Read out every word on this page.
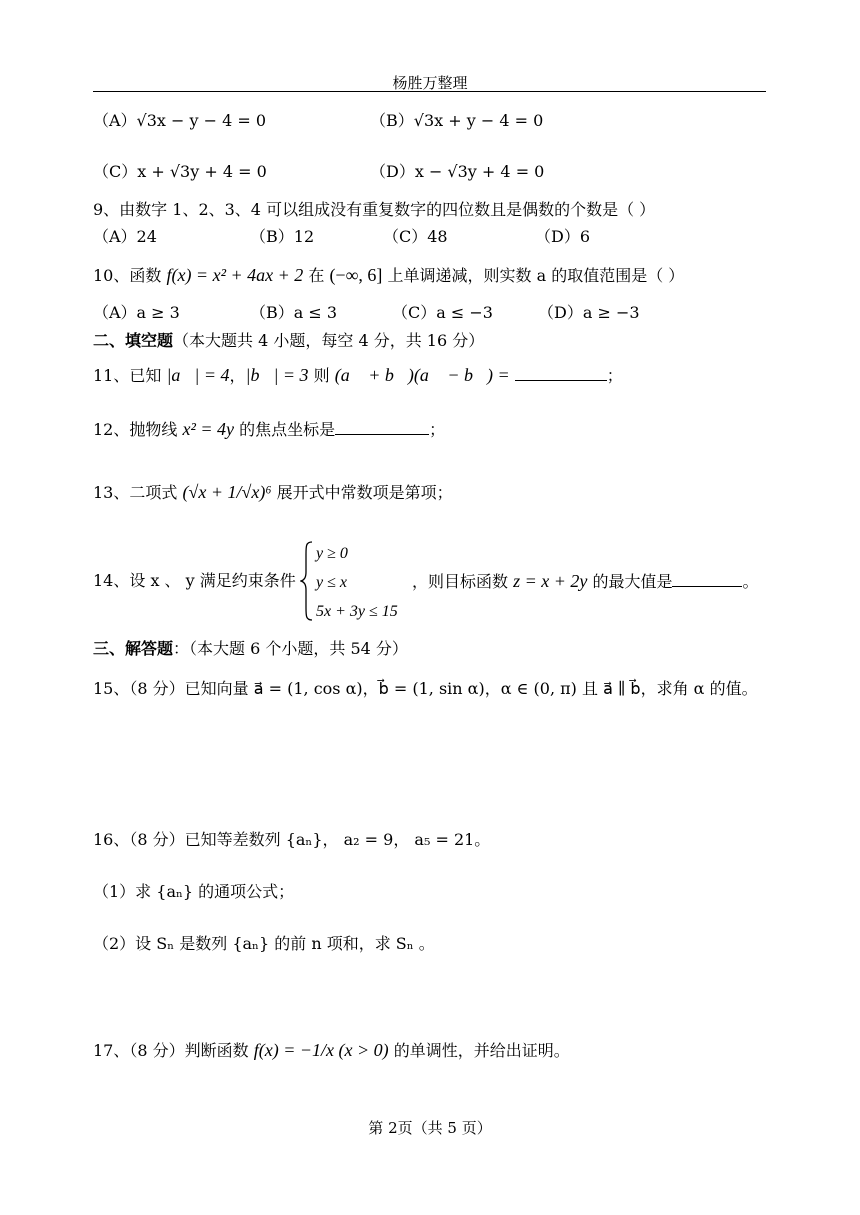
杨胜万整理
（A）√3x − y − 4 = 0	（B）√3x + y − 4 = 0
（C）x + √3y + 4 = 0	（D）x − √3y + 4 = 0
9、由数字 1、2、3、4 可以组成没有重复数字的四位数且是偶数的个数是（ ）
（A）24	（B）12	（C）48	（D）6
10、函数 f(x) = x² + 4ax + 2 在 (−∞, 6] 上单调递减，则实数 a 的取值范围是（ ）
（A）a ≥ 3	（B）a ≤ 3	（C）a ≤ −3	（D）a ≥ −3
二、填空题（本大题共 4 小题，每空 4 分，共 16 分）
11、已知 |a⃗| = 4，|b⃗| = 3 则 (a⃗ + b⃗)(a⃗ − b⃗) =	；
12、抛物线 x² = 4y 的焦点坐标是	；
13、二项式 (√x + 1/√x)⁶ 展开式中常数项是第项；
14、设 x 、 y 满足约束条件
y ≥ 0
y ≤ x
5x + 3y ≤ 15
，则目标函数 z = x + 2y 的最大值是	。
三、解答题：（本大题 6 个小题，共 54 分）
15、（8 分）已知向量 a⃗ = (1, cos α)，b⃗ = (1, sin α)，α ∈ (0, π) 且 a⃗ ∥ b⃗，求角 α 的值。
16、（8 分）已知等差数列 {aₙ}， a₂ = 9， a₅ = 21。
（1）求 {aₙ} 的通项公式；
（2）设 Sₙ 是数列 {aₙ} 的前 n 项和，求 Sₙ 。
17、（8 分）判断函数 f(x) = −1/x (x > 0) 的单调性，并给出证明。
第 2页（共 5 页）
